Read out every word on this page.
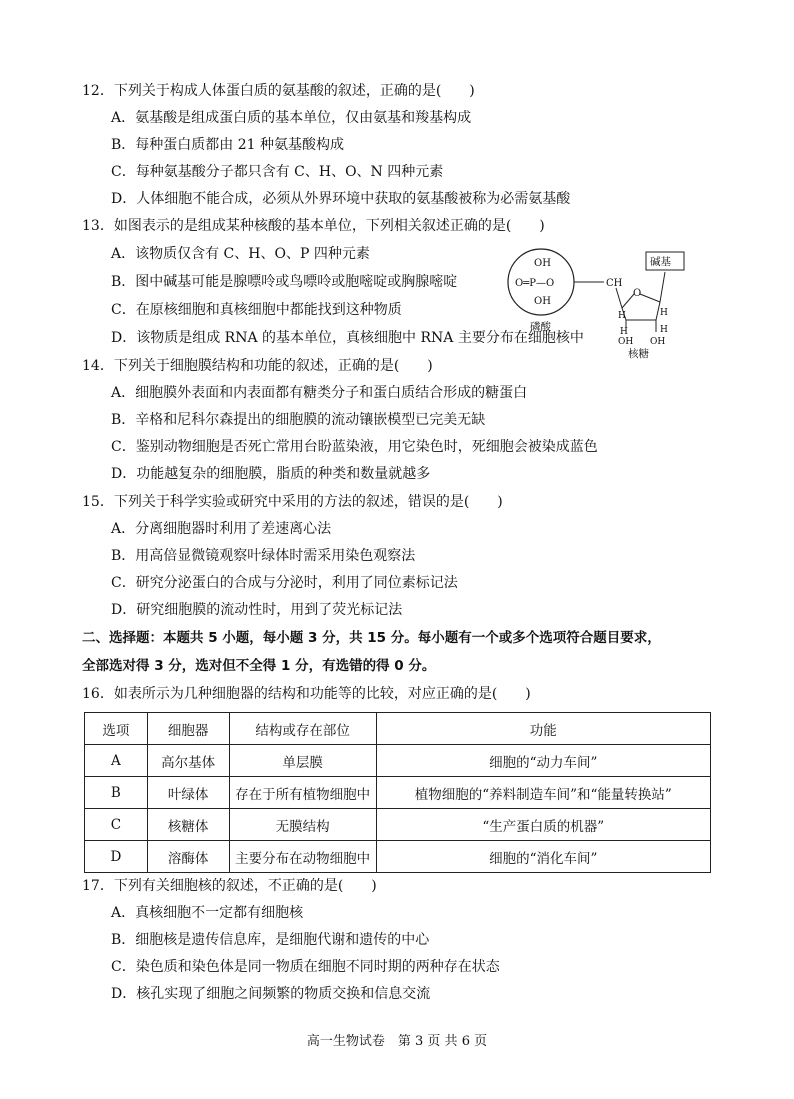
12．下列关于构成人体蛋白质的氨基酸的叙述，正确的是(　　)
A．氨基酸是组成蛋白质的基本单位，仅由氨基和羧基构成
B．每种蛋白质都由 21 种氨基酸构成
C．每种氨基酸分子都只含有 C、H、O、N 四种元素
D．人体细胞不能合成，必须从外界环境中获取的氨基酸被称为必需氨基酸
13．如图表示的是组成某种核酸的基本单位，下列相关叙述正确的是(　　)
A．该物质仅含有 C、H、O、P 四种元素
B．图中碱基可能是腺嘌呤或鸟嘌呤或胞嘧啶或胸腺嘧啶
C．在原核细胞和真核细胞中都能找到这种物质
D．该物质是组成 RNA 的基本单位，真核细胞中 RNA 主要分布在细胞核中
OH
O═P—O
OH
磷酸
CH
碱基
O
H	H
H	H
OH OH
核糖
14．下列关于细胞膜结构和功能的叙述，正确的是(　　)
A．细胞膜外表面和内表面都有糖类分子和蛋白质结合形成的糖蛋白
B．辛格和尼科尔森提出的细胞膜的流动镶嵌模型已完美无缺
C．鉴别动物细胞是否死亡常用台盼蓝染液，用它染色时，死细胞会被染成蓝色
D．功能越复杂的细胞膜，脂质的种类和数量就越多
15．下列关于科学实验或研究中采用的方法的叙述，错误的是(　　)
A．分离细胞器时利用了差速离心法
B．用高倍显微镜观察叶绿体时需采用染色观察法
C．研究分泌蛋白的合成与分泌时，利用了同位素标记法
D．研究细胞膜的流动性时，用到了荧光标记法
二、选择题：本题共 5 小题，每小题 3 分，共 15 分。每小题有一个或多个选项符合题目要求，
全部选对得 3 分，选对但不全得 1 分，有选错的得 0 分。
16．如表所示为几种细胞器的结构和功能等的比较，对应正确的是(　　)
选项	细胞器	结构或存在部位	功能
A	高尔基体	单层膜	细胞的“动力车间”
B	叶绿体	存在于所有植物细胞中	植物细胞的“养料制造车间”和“能量转换站”
C	核糖体	无膜结构	“生产蛋白质的机器”
D	溶酶体	主要分布在动物细胞中	细胞的“消化车间”
17．下列有关细胞核的叙述，不正确的是(　　)
A．真核细胞不一定都有细胞核
B．细胞核是遗传信息库，是细胞代谢和遗传的中心
C．染色质和染色体是同一物质在细胞不同时期的两种存在状态
D．核孔实现了细胞之间频繁的物质交换和信息交流
高一生物试卷　第 3 页 共 6 页
